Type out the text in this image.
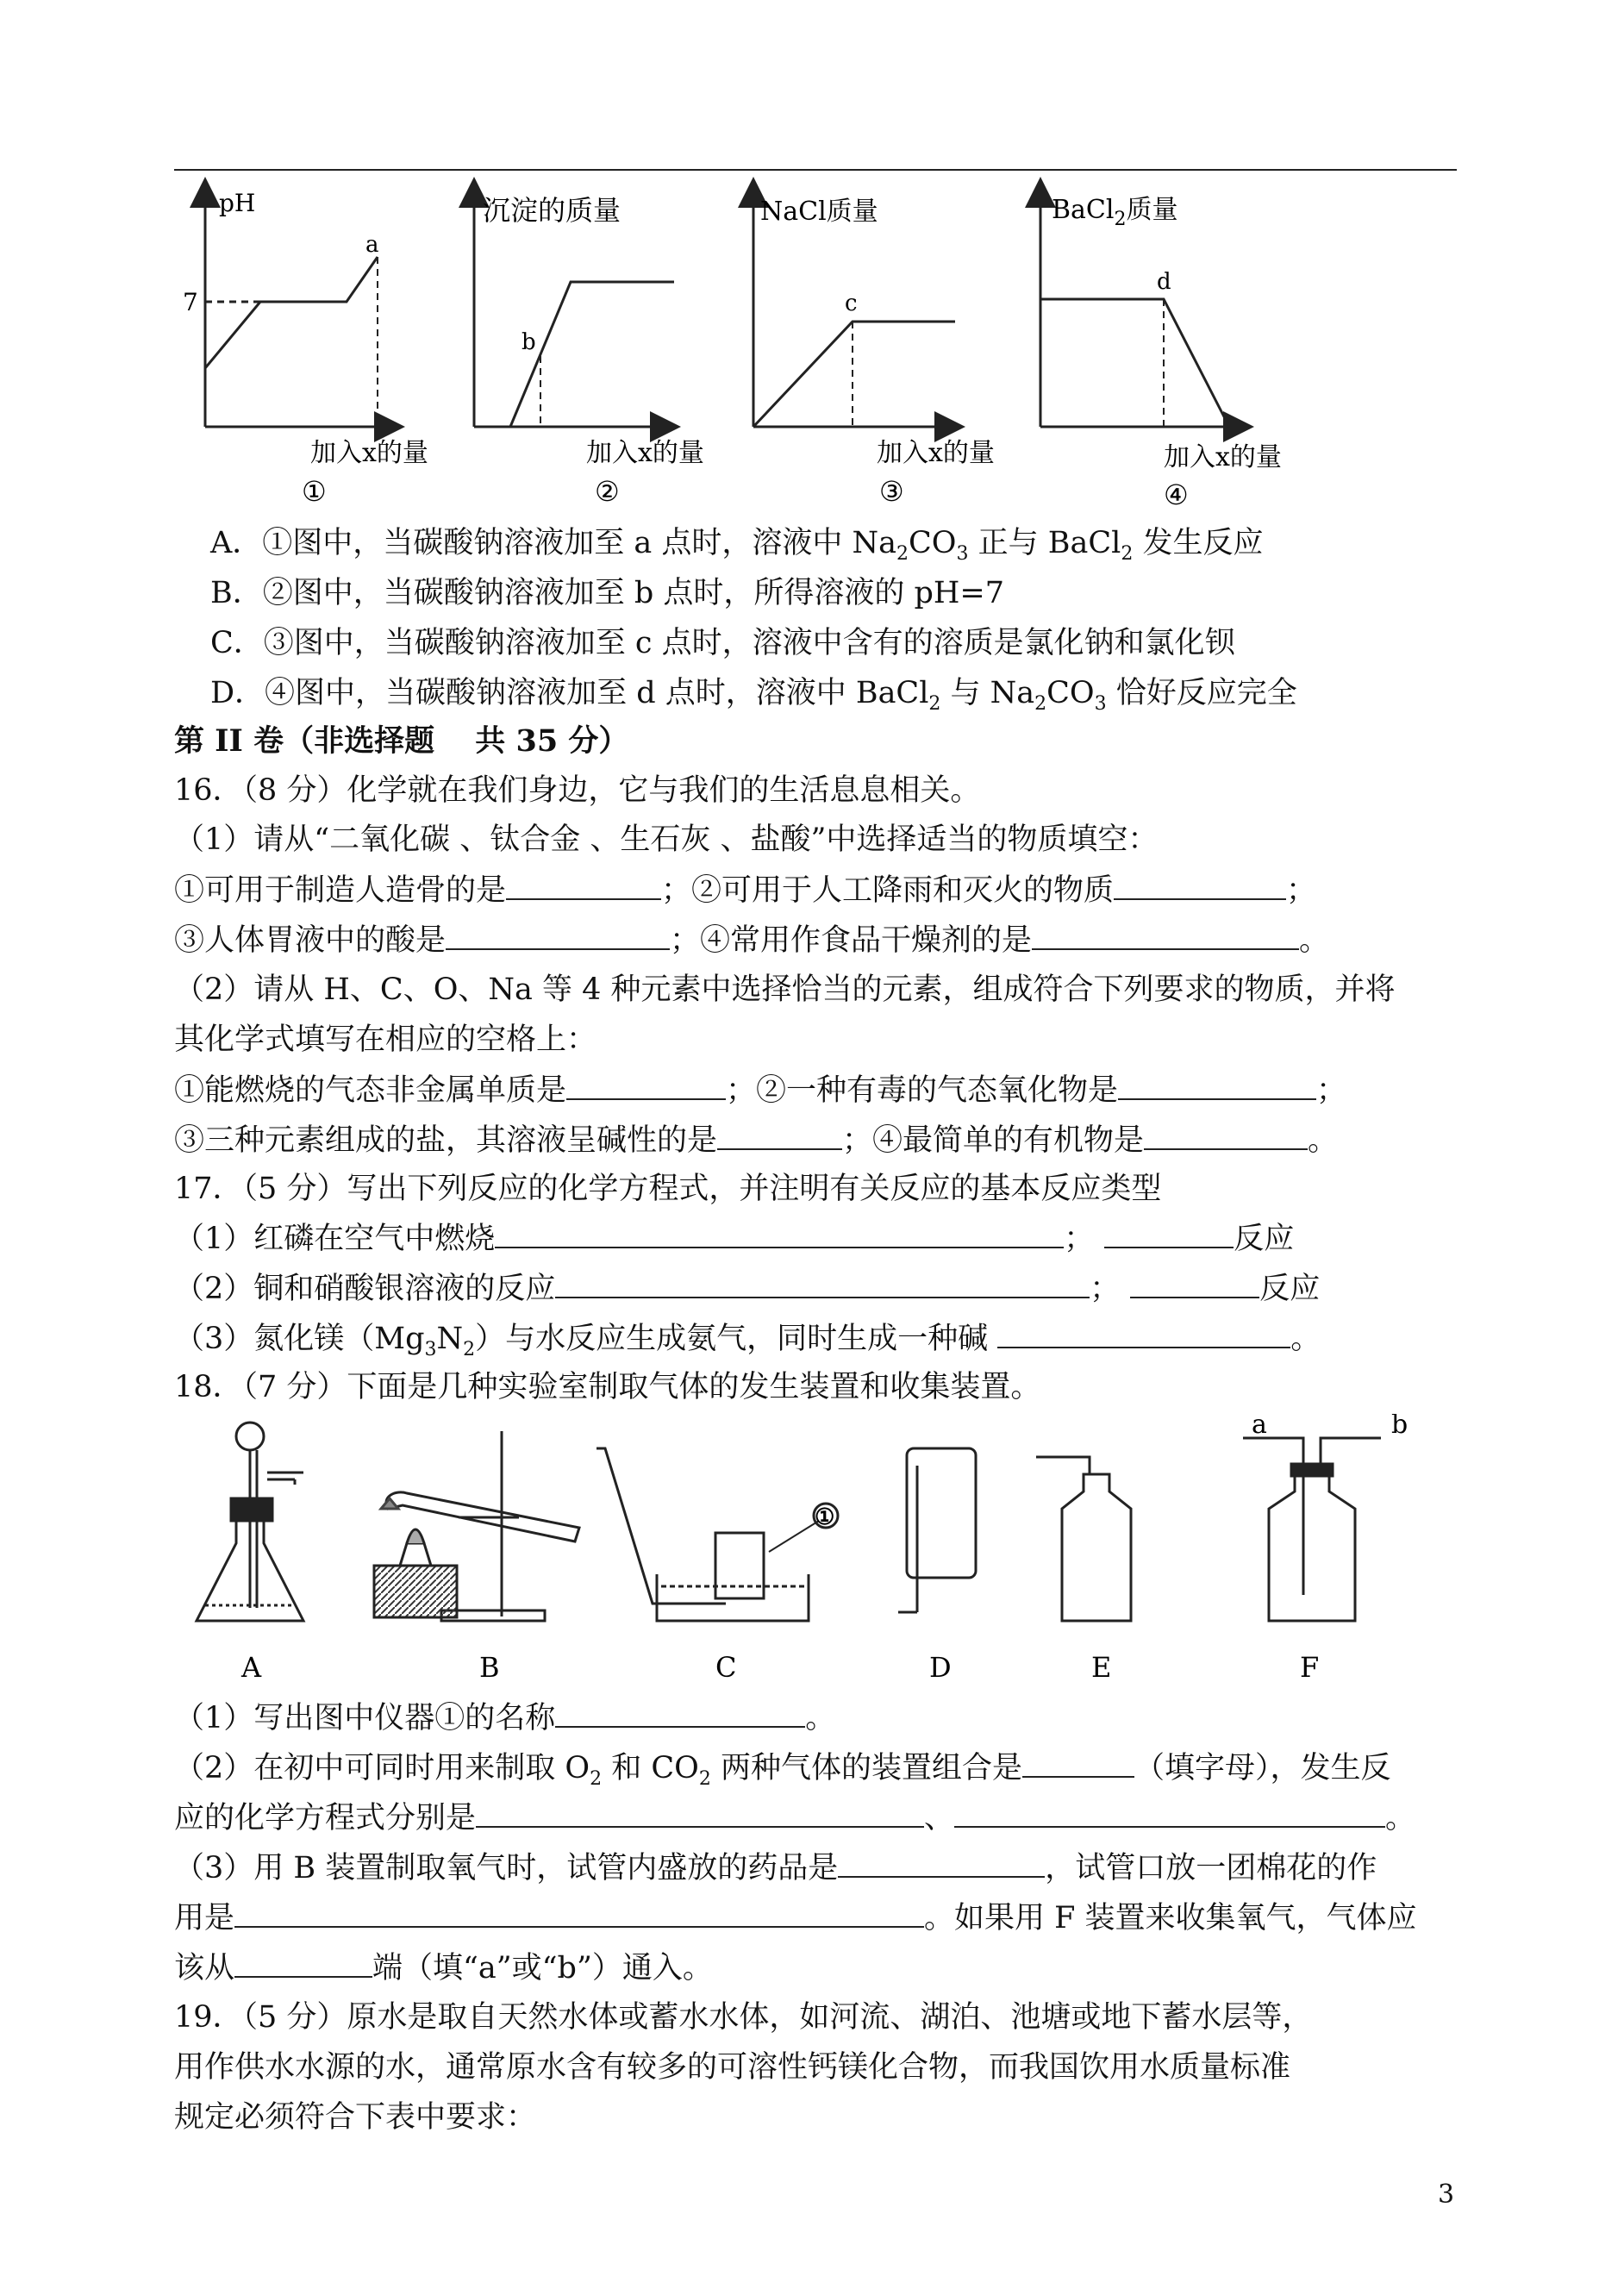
pH
7
a
加入x的量
①
沉淀的质量
b
加入x的量
②
NaCl质量
c
加入x的量
③
BaCl$_2$质量
d
加入x的量
④
A．①图中，当碳酸钠溶液加至 a 点时，溶液中 $Na_2CO_3$ 正与 BaCl$_2$ 发生反应
B．②图中，当碳酸钠溶液加至 b 点时，所得溶液的 pH=7
C．③图中，当碳酸钠溶液加至 c 点时，溶液中含有的溶质是氯化钠和氯化钡
D．④图中，当碳酸钠溶液加至 d 点时，溶液中 BaCl$_2$ 与 $Na_2CO_3$ 恰好反应完全
第 II 卷（非选择题　 共 35 分）
16．（8 分）化学就在我们身边，它与我们的生活息息相关。
（1）请从“二氧化碳 、钛合金 、生石灰 、盐酸”中选择适当的物质填空：
①可用于制造人造骨的是	；②可用于人工降雨和灭火的物质	；
③人体胃液中的酸是	；④常用作食品干燥剂的是	。
（2）请从 H、C、O、Na 等 4 种元素中选择恰当的元素，组成符合下列要求的物质，并将
其化学式填写在相应的空格上：
①能燃烧的气态非金属单质是	；②一种有毒的气态氧化物是	；
③三种元素组成的盐，其溶液呈碱性的是	；④最简单的有机物是	。
17．（5 分）写出下列反应的化学方程式，并注明有关反应的基本反应类型
（1）红磷在空气中燃烧	；	反应
（2）铜和硝酸银溶液的反应	；	反应
（3）氮化镁$(Mg_3N_2)$与水反应生成氨气，同时生成一种碱	。
18．（7 分）下面是几种实验室制取气体的发生装置和收集装置。
A	B	C	D	E	F
①
a	b
（1）写出图中仪器①的名称	。
（2）在初中可同时用来制取 $O_2$ 和 $CO_2$ 两种气体的装置组合是	（填字母），发生反
应的化学方程式分别是	、	。
（3）用 B 装置制取氧气时，试管内盛放的药品是	，试管口放一团棉花的作
用是	。如果用 F 装置来收集氧气，气体应
该从	端（填“a”或“b”）通入。
19．（5 分）原水是取自天然水体或蓄水水体，如河流、湖泊、池塘或地下蓄水层等，
用作供水水源的水，通常原水含有较多的可溶性钙镁化合物，而我国饮用水质量标准
规定必须符合下表中要求：
3
